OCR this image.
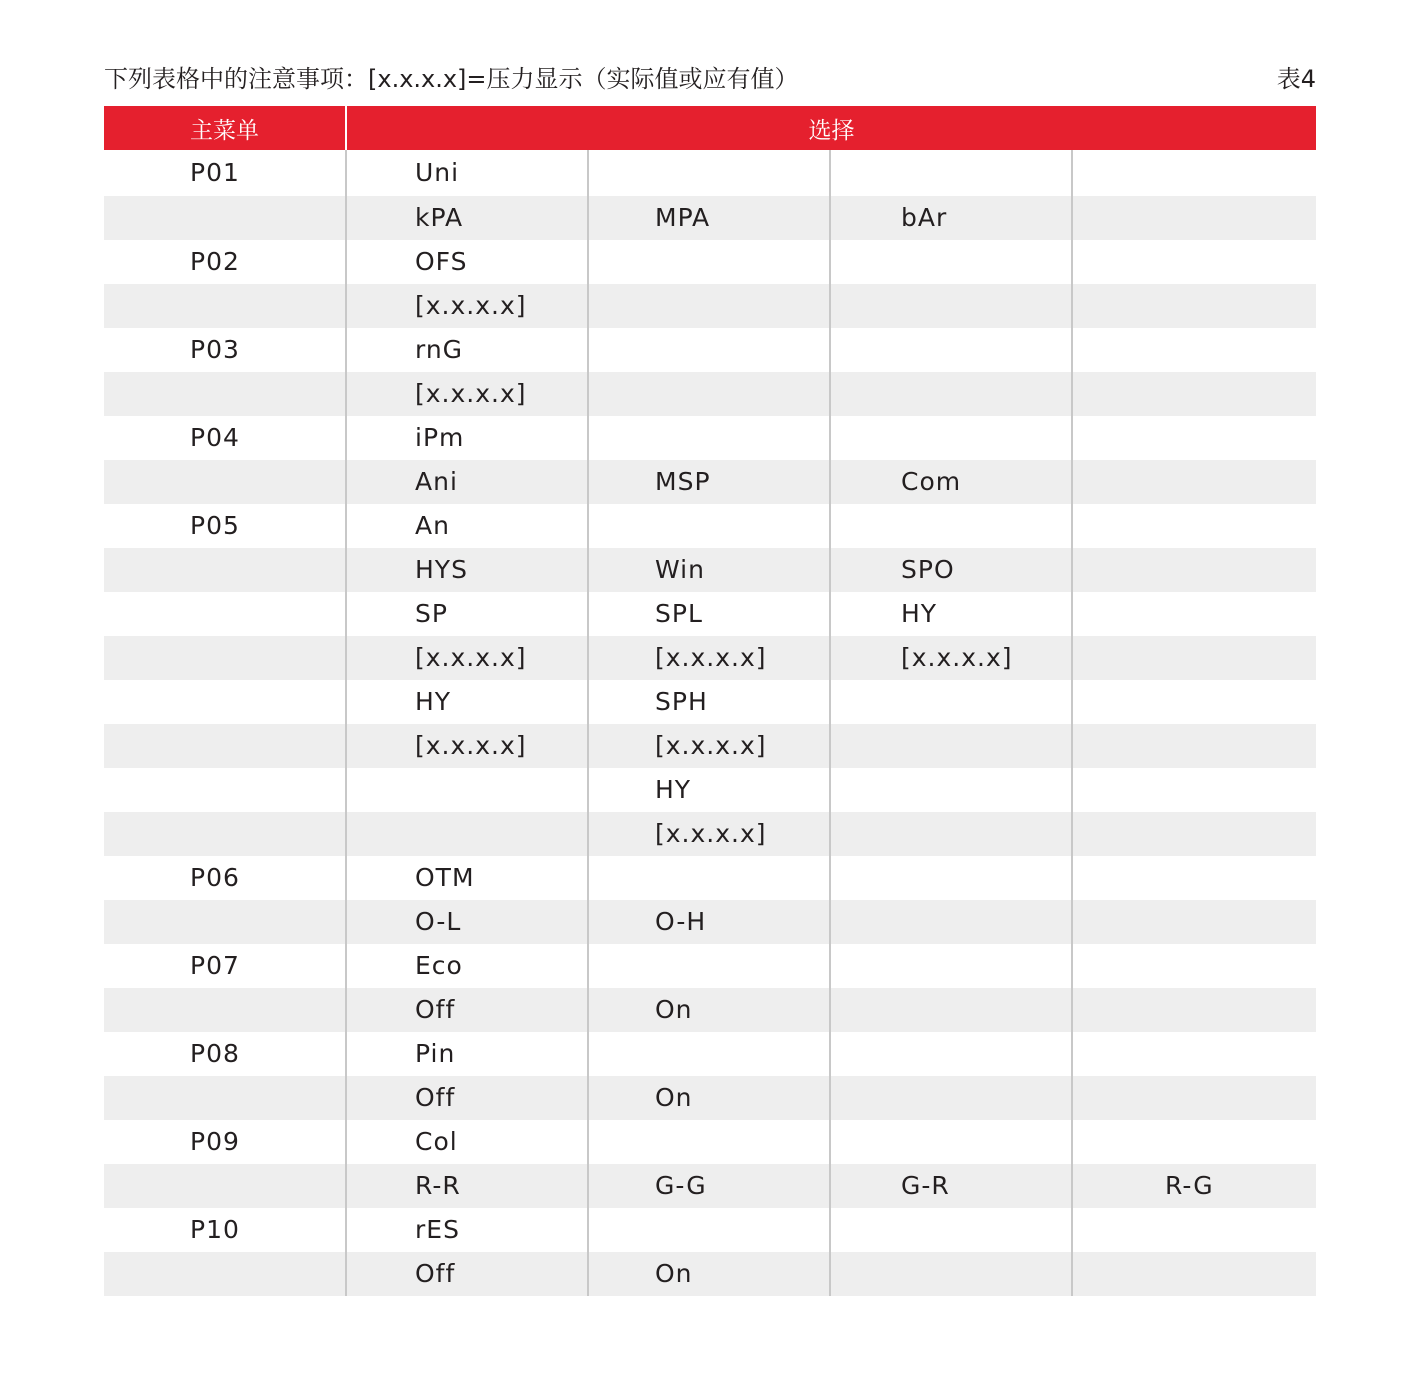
下列表格中的注意事项：[x.x.x.x]=压力显示（实际值或应有值）	表4
主菜单	选择			
P01	Uni			
	kPA	MPA	bAr	
P02	OFS			
	[x.x.x.x]			
P03	rnG			
	[x.x.x.x]			
P04	iPm			
	Ani	MSP	Com	
P05	An			
	HYS	Win	SPO	
	SP	SPL	HY	
	[x.x.x.x]	[x.x.x.x]	[x.x.x.x]	
	HY	SPH		
	[x.x.x.x]	[x.x.x.x]		
		HY		
		[x.x.x.x]		
P06	OTM			
	O-L	O-H		
P07	Eco			
	Off	On		
P08	Pin			
	Off	On		
P09	Col			
	R-R	G-G	G-R	R-G
P10	rES			
	Off	On		
